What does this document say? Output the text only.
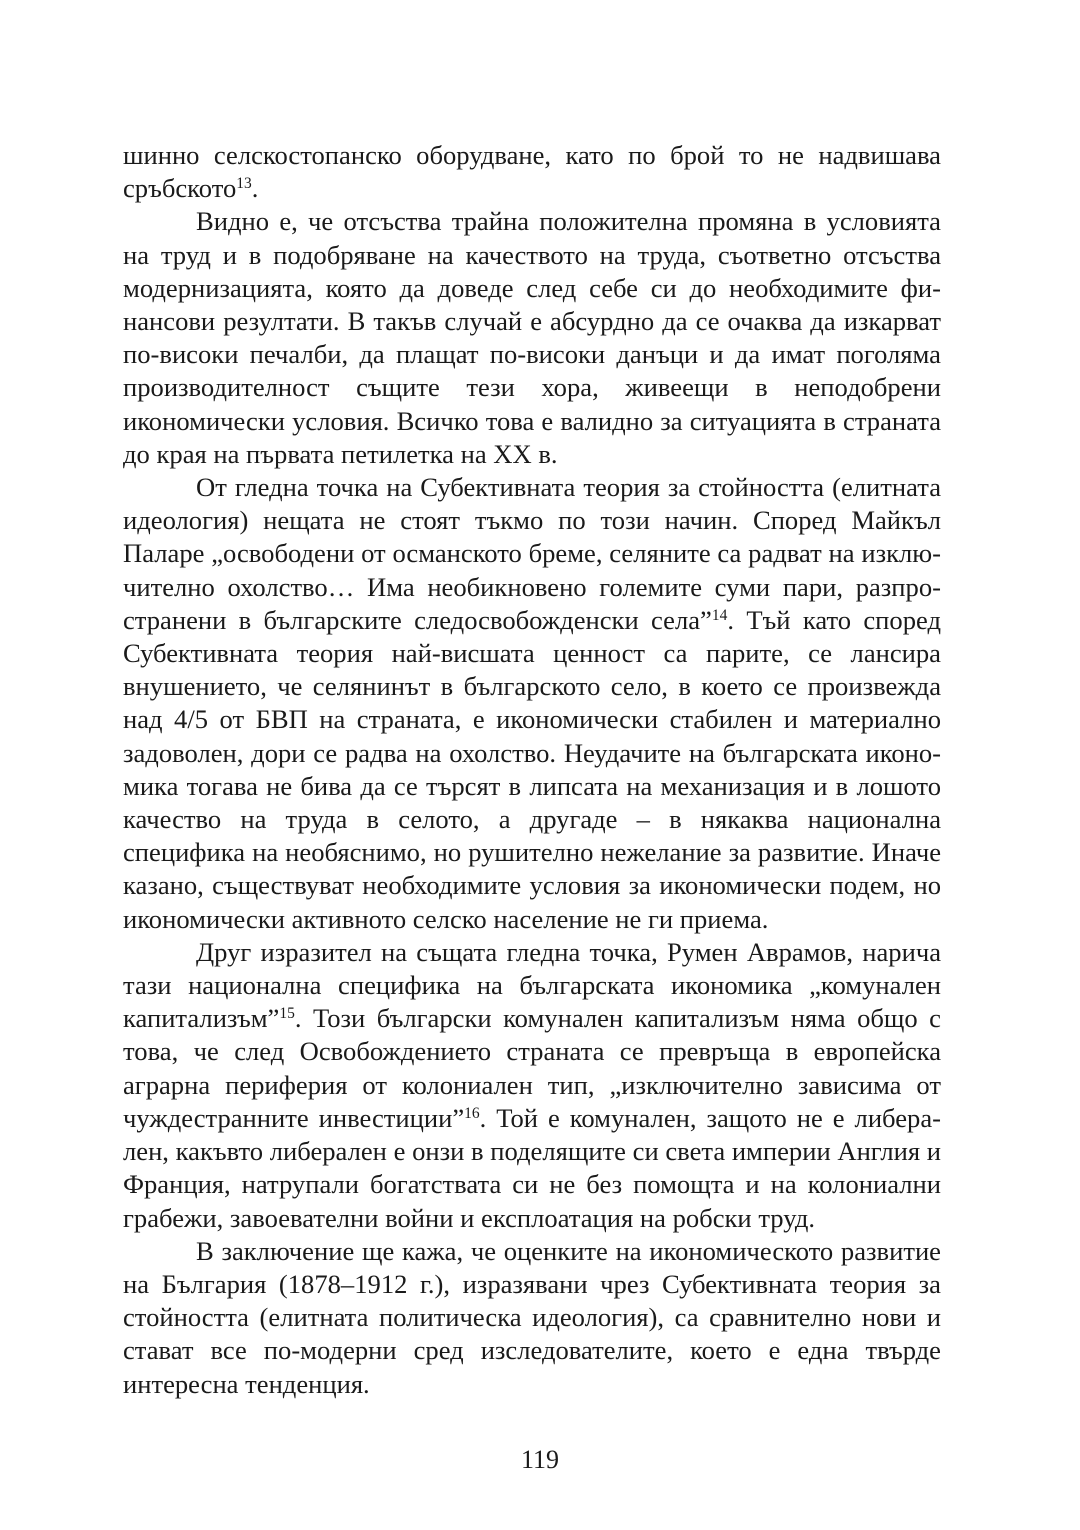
шинно селскостопанско оборудване, като по брой то не надвишава сръбското$^{13}$.

Видно е, че отсъства трайна положителна промяна в условията на труд и в подобряване на качеството на труда, съответно отсъства модернизацията, която да доведе след себе си до необходимите финансови резултати. В такъв случай е абсурдно да се очаква да изкарват по-високи печалби, да плащат по-високи данъци и да имат поголяма производителност същите тези хора, живеещи в неподобрени икономически условия. Всичко това е валидно за ситуацията в страната до края на първата петилетка на ХХ в.

От гледна точка на Субективната теория за стойността (елитната идеология) нещата не стоят тъкмо по този начин. Според Майкъл Паларе „освободени от османското бреме, селяните са радват на изключително охолство… Има необикновено големите суми пари, разпространени в българските следосвобожденски села”$^{14}$. Тъй като според Субективната теория най-висшата ценност са парите, се лансира внушението, че селянинът в българското село, в което се произвежда над 4/5 от БВП на страната, е икономически стабилен и материално задоволен, дори се радва на охолство. Неудачите на българската икономика тогава не бива да се търсят в липсата на механизация и в лошото качество на труда в селото, а другаде – в някаква национална специфика на необяснимо, но рушително нежелание за развитие. Иначе казано, съществуват необходимите условия за икономически подем, но икономически активното селско население не ги приема.

Друг изразител на същата гледна точка, Румен Аврамов, нарича тази национална специфика на българската икономика „комунален капитализъм”$^{15}$. Този български комунален капитализъм няма общо с това, че след Освобождението страната се превръща в европейска аграрна периферия от колониален тип, „изключително зависима от чуждестранните инвестиции”$^{16}$. Той е комунален, защото не е либерален, какъвто либерален е онзи в поделящите си света империи Англия и Франция, натрупали богатствата си не без помощта и на колониални грабежи, завоевателни войни и експлоатация на робски труд.

В заключение ще кажа, че оценките на икономическото развитие на България (1878–1912 г.), изразявани чрез Субективната теория за стойността (елитната политическа идеология), са сравнително нови и стават все по-модерни сред изследователите, което е една твърде интересна тенденция.

119
